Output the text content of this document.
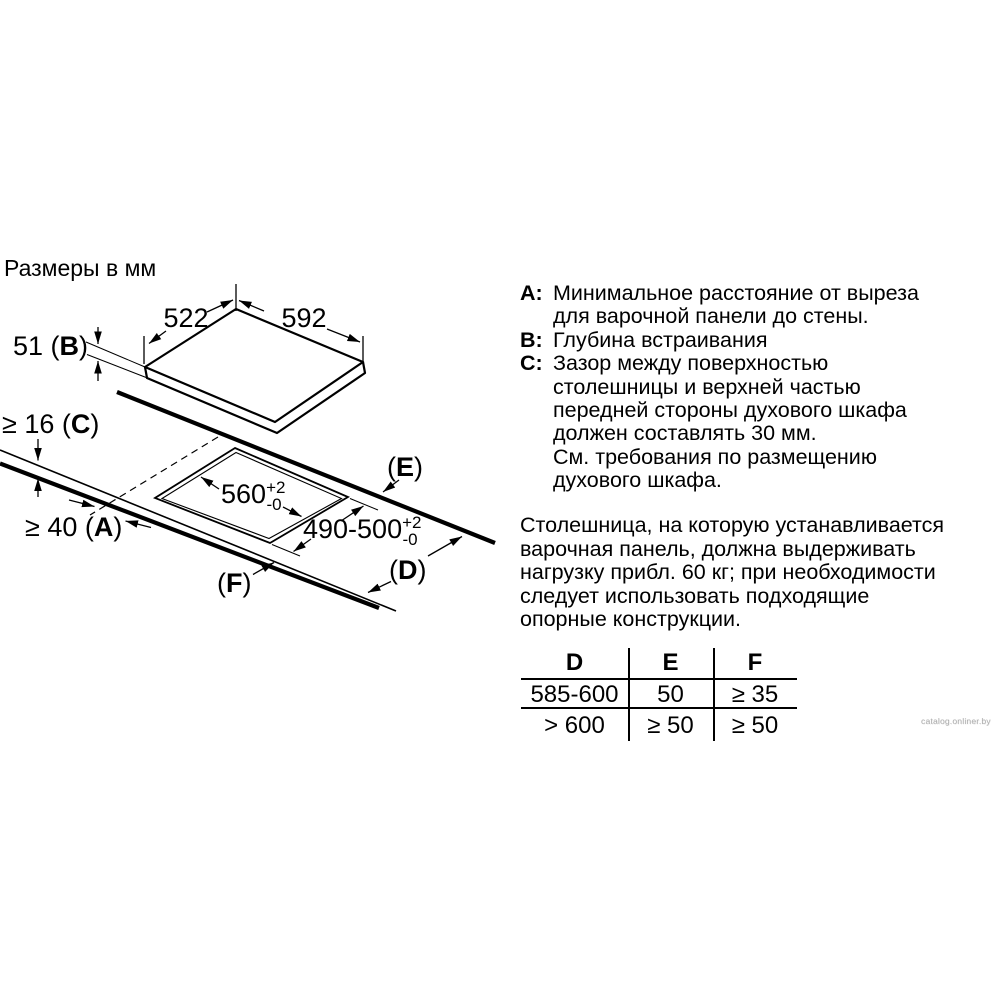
Размеры в мм
522	592
51 (B)
≥ 16 (C)
≥ 40 (A)
$560^{+2}$ -0
$490-500^{+2}$ -0
(E)
(D)
(F)
A: Минимальное расстояние от выреза
для варочной панели до стены.
B: Глубина встраивания
C: Зазор между поверхностью
столешницы и верхней частью
передней стороны духового шкафа
должен составлять 30 мм.
См. требования по размещению
духового шкафа.
Столешница, на которую устанавливается
варочная панель, должна выдерживать
нагрузку прибл. 60 кг; при необходимости
следует использовать подходящие
опорные конструкции.
D	E	F
585-600	50	≥ 35
> 600	≥ 50	≥ 50	catalog.onliner.by
